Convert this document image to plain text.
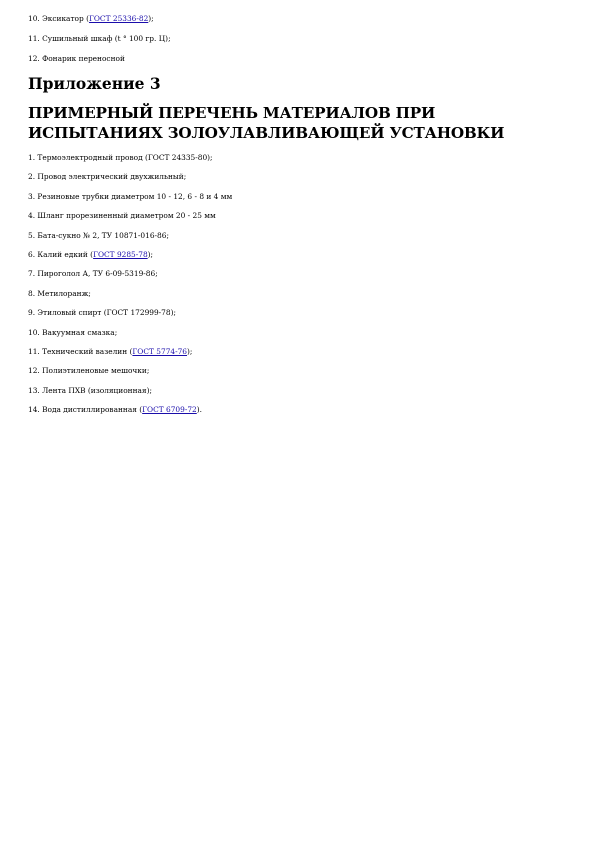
10. Эксикатор (ГОСТ 25336-82);
11. Сушильный шкаф (t ° 100 гр. Ц);
12. Фонарик переносной
Приложение 3
ПРИМЕРНЫЙ ПЕРЕЧЕНЬ МАТЕРИАЛОВ ПРИ ИСПЫТАНИЯХ ЗОЛОУЛАВЛИВАЮЩЕЙ УСТАНОВКИ
1. Термоэлектродный провод (ГОСТ 24335-80);
2. Провод электрический двухжильный;
3. Резиновые трубки диаметром 10 - 12, 6 - 8 и 4 мм
4. Шланг прорезиненный диаметром 20 - 25 мм
5. Бата-сукно № 2, ТУ 10871-016-86;
6. Калий едкий (ГОСТ 9285-78);
7. Пироголол А, ТУ 6-09-5319-86;
8. Метилоранж;
9. Этиловый спирт (ГОСТ 172999-78);
10. Вакуумная смазка;
11. Технический вазелин (ГОСТ 5774-76);
12. Полиэтиленовые мешочки;
13. Лента ПХВ (изоляционная);
14. Вода дистиллированная (ГОСТ 6709-72).
